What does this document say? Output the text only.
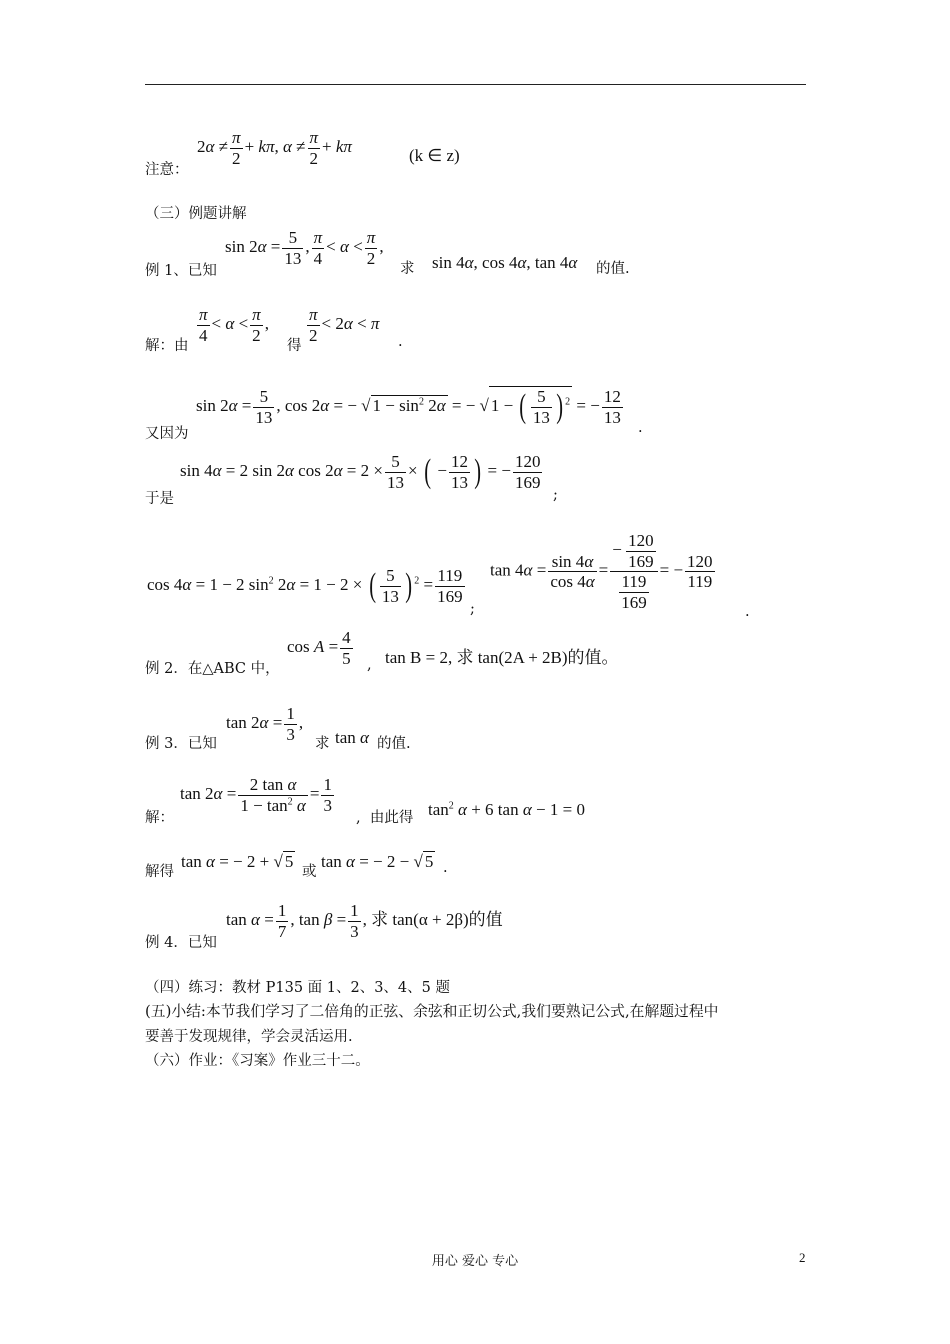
$2\alpha \ne \frac{\pi}{2} + k\pi$, $\alpha \ne \frac{\pi}{2} + k\pi$	(k ∈ z)
注意：
（三）例题讲解
$\sin 2\alpha = \frac{5}{13}$ , $\frac{\pi}{4} < \alpha < \frac{\pi}{2}$ ,
例 1、已知	求 sin 4α, cos 4α, tan 4α 的值.
$\frac{\pi}{4} < \alpha < \frac{\pi}{2}$ ,
解：由	得
$\frac{\pi}{2} < 2\alpha < \pi$
.
$\sin 2\alpha = \frac{5}{13}$ , cos 2α = − √ $1 - \sin^2 2\alpha$ = − √ 1 − ( $\frac{5}{13}$ ) $^2$ = − $\frac{12}{13}$
又因为	.
sin 4α = 2 sin 2α $\cos 2\alpha = 2 \times \frac{5}{13}$ × ( − $\frac{12}{13}$ ) = − $\frac{120}{169}$
于是	;
cos 4α = 1 − 2 $\sin^2 2\alpha = 1 - 2$ × ( $\frac{5}{13}$ ) $^2 = \frac{119}{169}$
;
$\tan 4\alpha = \frac{\sin 4\alpha}{\cos 4\alpha} = \frac{- \frac{120}{169}}{\frac{119}{169}}$ = − $\frac{120}{119}$
.
例 2．在△ABC 中，
$\cos A = \frac{4}{5}$ , tan B = 2, 求 tan(2A + 2B)的值。
$\tan 2\alpha = \frac{1}{3}$ ,
例 3．已知	求 tan α 的值.
$\tan 2\alpha = \frac{\text{2 tan α}}{1 - \tan^2 \alpha} = \frac{1}{3}$
解：	,  由此得 $\tan^2 \alpha + 6$ tan α − 1 = 0
解得
tan α = − 2 + √ 5
或
tan α = − 2 − √ 5 .
$\tan \alpha = \frac{1}{7}$ , $\tan \beta = \frac{1}{3}$ , 求 tan(α + 2β)的值
例 4．已知
（四）练习：教材 P135 面 1、2、3、4、5 题
(五)小结:本节我们学习了二倍角的正弦、余弦和正切公式,我们要熟记公式,在解题过程中
要善于发现规律，学会灵活运用.
（六）作业：《习案》作业三十二。
用心 爱心 专心	2
